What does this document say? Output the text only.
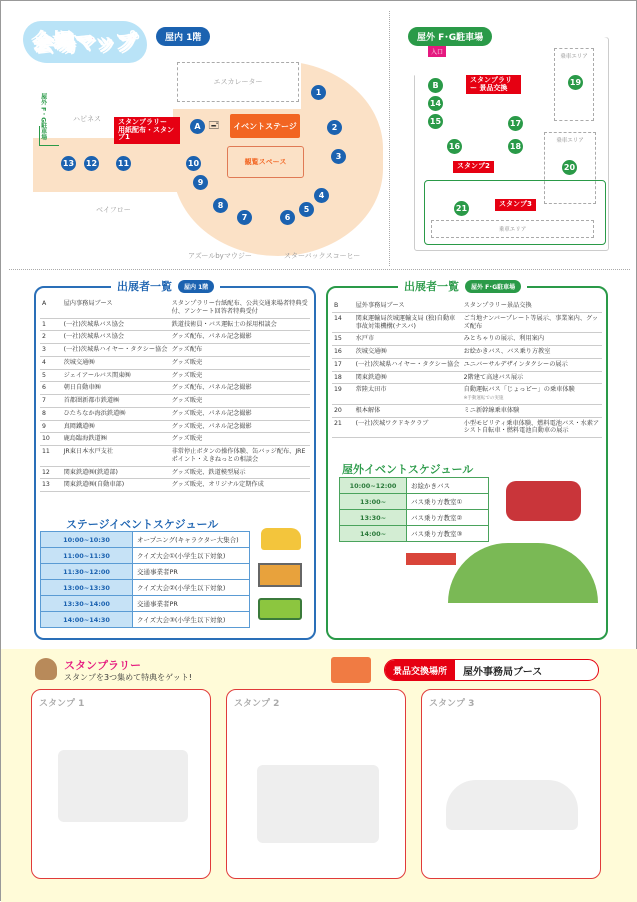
会場マップ	屋内 1階
エスカレーター
屋外 F・G駐車場	ハピネス
ベイフロー
アズールbyマウジー	スターバックスコーヒー
スタンプラリー 用紙配布・スタンプ1
A 🖃	イベントステージ
観覧スペース
1
2
3
4
5
6
7
8
9
10
11
12
13
屋外 F･G駐車場
入口
乗車エリア
乗車エリア
乗車エリア
スタンプラリー 景品交換
スタンプ2
スタンプ3
B
14
15
16
17
18
19
20
21
出展者一覧	屋内 1階
A	屋内事務局ブース	スタンプラリー台紙配布、公共交通来場者特典受付、アンケート回答者特典受付
1	(一社)茨城県バス協会	鉄道技術員・バス運転士の採用相談会
2	(一社)茨城県バス協会	グッズ配布、パネル記念撮影
3	(一社)茨城県ハイヤー・タクシー協会	グッズ配布
4	茨城交通㈱	グッズ販売
5	ジェイアールバス関東㈱	グッズ販売
6	朝日自動車㈱	グッズ配布、パネル記念撮影
7	首都圏新都市鉄道㈱	グッズ販売
8	ひたちなか海浜鉄道㈱	グッズ販売、パネル記念撮影
9	真岡鐵道㈱	グッズ販売、パネル記念撮影
10	鹿島臨海鉄道㈱	グッズ販売
11	JR東日本水戸支社	非常停止ボタンの操作体験、缶バッジ配布、JREポイント・えきねっとの相談会
12	関東鉄道㈱(鉄道部)	グッズ販売、鉄道模型展示
13	関東鉄道㈱(自動車部)	グッズ販売、オリジナル定期作成
ステージイベントスケジュール
10:00~10:30	オープニング(キャラクター大集合)
11:00~11:30	クイズ大会①(小学生以下対象)
11:30~12:00	交通事業者PR
13:00~13:30	クイズ大会②(小学生以下対象)
13:30~14:00	交通事業者PR
14:00~14:30	クイズ大会③(小学生以下対象)
出展者一覧	屋外 F･G駐車場
B	屋外事務局ブース	スタンプラリー景品交換
14	関東運輸局茨城運輸支局 (独)自動車事故対策機構(ナスバ)	ご当地ナンバープレート等展示、事業案内、グッズ配布
15	水戸市	みとちゃりの展示、利用案内
16	茨城交通㈱	お絵かきバス、バス乗り方教室
17	(一社)茨城県ハイヤー・タクシー協会	ユニバーサルデザインタクシーの展示
18	関東鉄道㈱	2階建て高速バス展示
19	常陸太田市	自動運転バス「じょっピー」の乗車体験
※手動運転での実施
20	根本解体	ミニ新幹線乗車体験
21	(一社)茨城ワクドキクラブ	小型モビリティ乗車体験、燃料電池バス・水素アシスト自転車・燃料電池自動車の展示
屋外イベントスケジュール
10:00~12:00	お絵かきバス
13:00~	バス乗り方教室①
13:30~	バス乗り方教室②
14:00~	バス乗り方教室③
スタンプラリー
スタンプを3つ集めて特典をゲット!
景品交換場所	屋外事務局ブース
スタンプ 1	スタンプ 2	スタンプ 3
